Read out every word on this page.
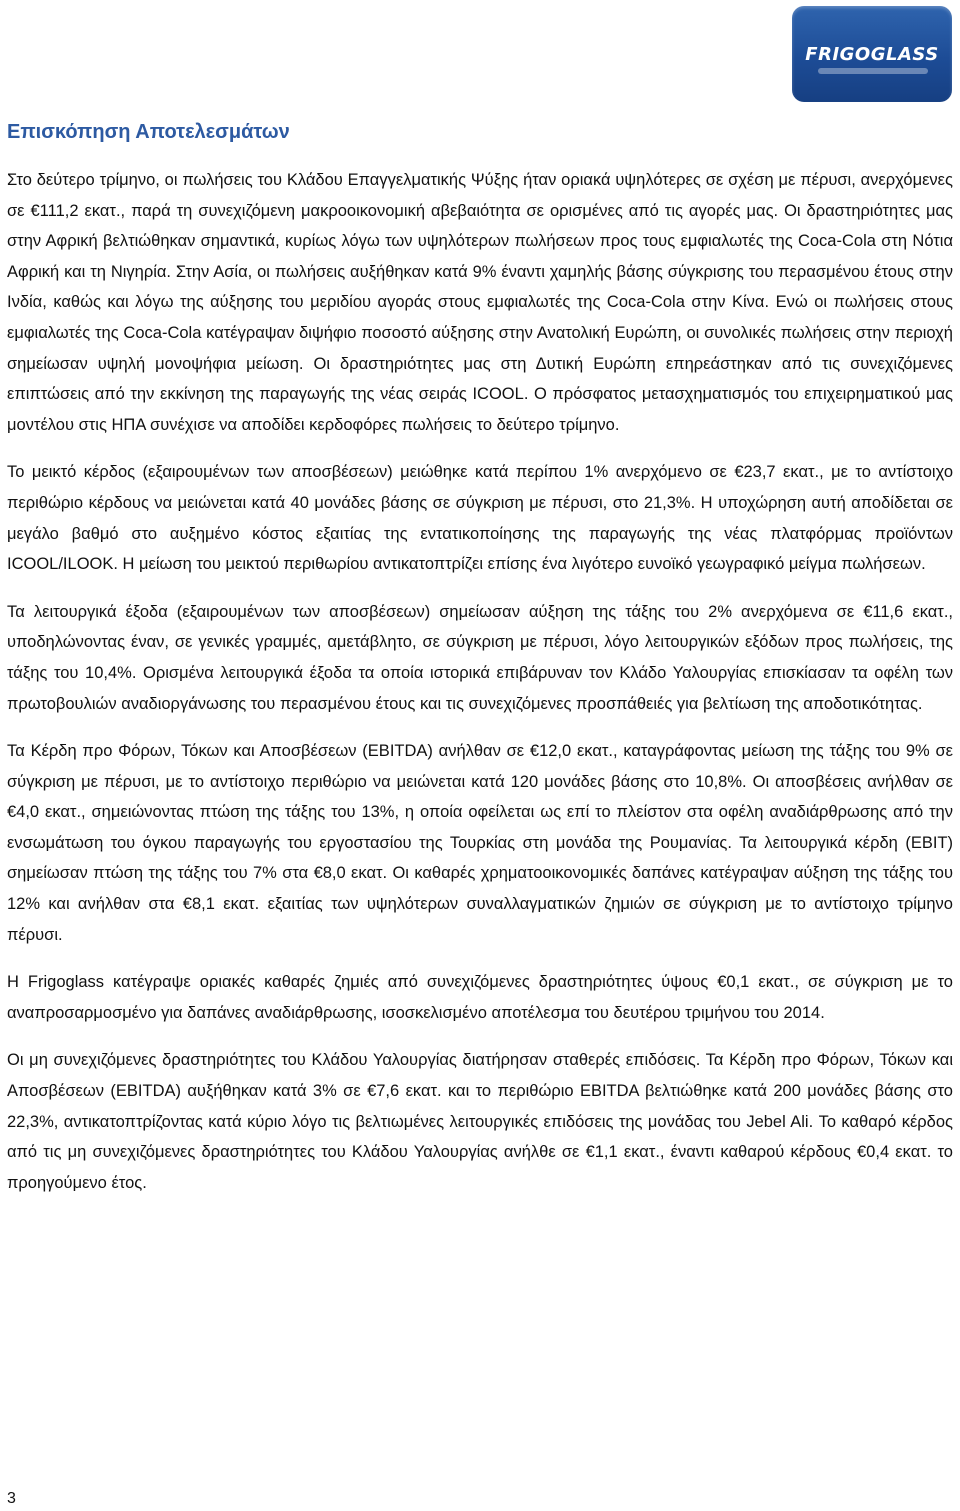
FRIGOGLASS
Επισκόπηση Αποτελεσμάτων

Στο δεύτερο τρίμηνο, οι πωλήσεις του Κλάδου Επαγγελματικής Ψύξης ήταν οριακά υψηλότερες σε σχέση με πέρυσι, ανερχόμενες σε €111,2 εκατ., παρά τη συνεχιζόμενη μακροοικονομική αβεβαιότητα σε ορισμένες από τις αγορές μας. Οι δραστηριότητες μας στην Αφρική βελτιώθηκαν σημαντικά, κυρίως λόγω των υψηλότερων πωλήσεων προς τους εμφιαλωτές της Coca-Cola στη Νότια Αφρική και τη Νιγηρία. Στην Ασία, οι πωλήσεις αυξήθηκαν κατά 9% έναντι χαμηλής βάσης σύγκρισης του περασμένου έτους στην Ινδία, καθώς και λόγω της αύξησης του μεριδίου αγοράς στους εμφιαλωτές της Coca-Cola στην Κίνα. Ενώ οι πωλήσεις στους εμφιαλωτές της Coca-Cola κατέγραψαν διψήφιο ποσοστό αύξησης στην Ανατολική Ευρώπη, οι συνολικές πωλήσεις στην περιοχή σημείωσαν υψηλή μονοψήφια μείωση. Οι δραστηριότητες μας στη Δυτική Ευρώπη επηρεάστηκαν από τις συνεχιζόμενες επιπτώσεις από την εκκίνηση της παραγωγής της νέας σειράς ICOOL. Ο πρόσφατος μετασχηματισμός του επιχειρηματικού μας μοντέλου στις ΗΠΑ συνέχισε να αποδίδει κερδοφόρες πωλήσεις το δεύτερο τρίμηνο.

Το μεικτό κέρδος (εξαιρουμένων των αποσβέσεων) μειώθηκε κατά περίπου 1% ανερχόμενο σε €23,7 εκατ., με το αντίστοιχο περιθώριο κέρδους να μειώνεται κατά 40 μονάδες βάσης σε σύγκριση με πέρυσι, στο 21,3%. Η υποχώρηση αυτή αποδίδεται σε μεγάλο βαθμό στο αυξημένο κόστος εξαιτίας της εντατικοποίησης της παραγωγής της νέας πλατφόρμας προϊόντων ICOOL/ILOOK. Η μείωση του μεικτού περιθωρίου αντικατοπτρίζει επίσης ένα λιγότερο ευνοϊκό γεωγραφικό μείγμα πωλήσεων.

Τα λειτουργικά έξοδα (εξαιρουμένων των αποσβέσεων) σημείωσαν αύξηση της τάξης του 2% ανερχόμενα σε €11,6 εκατ., υποδηλώνοντας έναν, σε γενικές γραμμές, αμετάβλητο, σε σύγκριση με πέρυσι, λόγο λειτουργικών εξόδων προς πωλήσεις, της τάξης του 10,4%. Ορισμένα λειτουργικά έξοδα τα οποία ιστορικά επιβάρυναν τον Κλάδο Υαλουργίας επισκίασαν τα οφέλη των πρωτοβουλιών αναδιοργάνωσης του περασμένου έτους και τις συνεχιζόμενες προσπάθειές για βελτίωση της αποδοτικότητας.

Τα Κέρδη προ Φόρων, Τόκων και Αποσβέσεων (EBITDA) ανήλθαν σε €12,0 εκατ., καταγράφοντας μείωση της τάξης του 9% σε σύγκριση με πέρυσι, με το αντίστοιχο περιθώριο να μειώνεται κατά 120 μονάδες βάσης στο 10,8%. Οι αποσβέσεις ανήλθαν σε €4,0 εκατ., σημειώνοντας πτώση της τάξης του 13%, η οποία οφείλεται ως επί το πλείστον στα οφέλη αναδιάρθρωσης από την ενσωμάτωση του όγκου παραγωγής του εργοστασίου της Τουρκίας στη μονάδα της Ρουμανίας. Τα λειτουργικά κέρδη (EBIT) σημείωσαν πτώση της τάξης του 7% στα €8,0 εκατ. Οι καθαρές χρηματοοικονομικές δαπάνες κατέγραψαν αύξηση της τάξης του 12% και ανήλθαν στα €8,1 εκατ. εξαιτίας των υψηλότερων συναλλαγματικών ζημιών σε σύγκριση με το αντίστοιχο τρίμηνο πέρυσι.

Η Frigoglass κατέγραψε οριακές καθαρές ζημιές από συνεχιζόμενες δραστηριότητες ύψους €0,1 εκατ., σε σύγκριση με το αναπροσαρμοσμένο για δαπάνες αναδιάρθρωσης, ισοσκελισμένο αποτέλεσμα του δευτέρου τριμήνου του 2014.

Οι μη συνεχιζόμενες δραστηριότητες του Κλάδου Υαλουργίας διατήρησαν σταθερές επιδόσεις. Τα Κέρδη προ Φόρων, Τόκων και Αποσβέσεων (EBITDA) αυξήθηκαν κατά 3% σε €7,6 εκατ. και το περιθώριο EBITDA βελτιώθηκε κατά 200 μονάδες βάσης στο 22,3%, αντικατοπτρίζοντας κατά κύριο λόγο τις βελτιωμένες λειτουργικές επιδόσεις της μονάδας του Jebel Ali. Το καθαρό κέρδος από τις μη συνεχιζόμενες δραστηριότητες του Κλάδου Υαλουργίας ανήλθε σε €1,1 εκατ., έναντι καθαρού κέρδους €0,4 εκατ. το προηγούμενο έτος.

3
